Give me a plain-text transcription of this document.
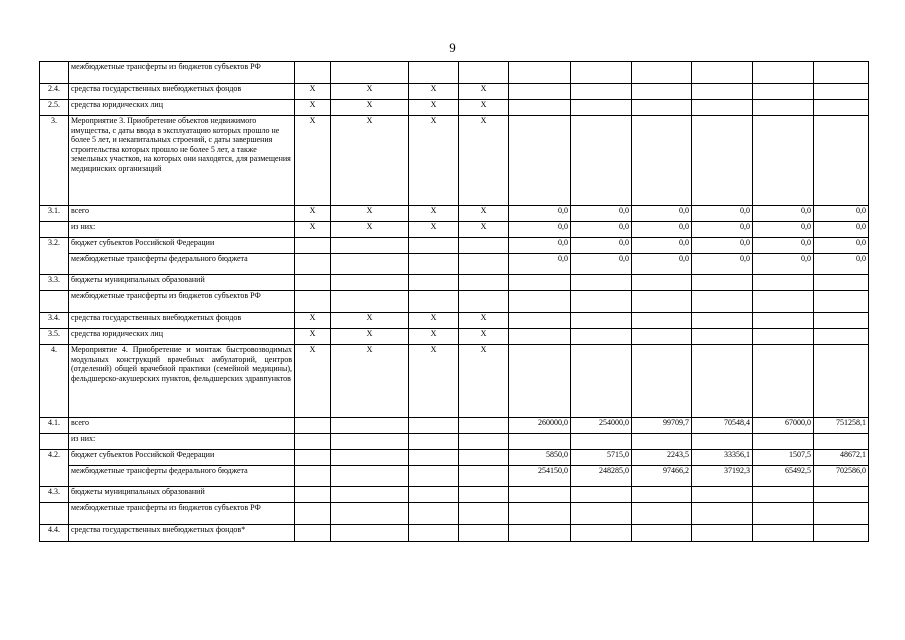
9
	межбюджетные трансферты из бюджетов субъектов РФ										
2.4.	средства государственных внебюджетных фондов	X	X	X	X						
2.5.	средства юридических лиц	X	X	X	X						
3.	Мероприятие 3. Приобретение объектов недвижимого имущества, с даты ввода в эксплуатацию которых прошло не более 5 лет, и некапитальных строений, с даты завершения строительства которых прошло не более 5 лет, а также земельных участков, на которых они находятся, для размещения медицинских организаций	X	X	X	X						
3.1.	всего	X	X	X	X	0,0	0,0	0,0	0,0	0,0	0,0
	из них:	X	X	X	X	0,0	0,0	0,0	0,0	0,0	0,0
3.2.	бюджет субъектов Российской Федерации					0,0	0,0	0,0	0,0	0,0	0,0
	межбюджетные трансферты федерального бюджета					0,0	0,0	0,0	0,0	0,0	0,0
3.3.	бюджеты муниципальных образований										
	межбюджетные трансферты из бюджетов субъектов РФ										
3.4.	средства государственных внебюджетных фондов	X	X	X	X						
3.5.	средства юридических лиц	X	X	X	X						
4.	Мероприятие 4. Приобретение и монтаж быстровозводимых модульных конструкций врачебных амбулаторий, центров (отделений) общей врачебной практики (семейной медицины), фельдшерско-акушерских пунктов, фельдшерских здравпунктов	X	X	X	X						
4.1.	всего					260000,0	254000,0	99709,7	70548,4	67000,0	751258,1
	из них:										
4.2.	бюджет субъектов Российской Федерации					5850,0	5715,0	2243,5	33356,1	1507,5	48672,1
	межбюджетные трансферты федерального бюджета					254150,0	248285,0	97466,2	37192,3	65492,5	702586,0
4.3.	бюджеты муниципальных образований										
	межбюджетные трансферты из бюджетов субъектов РФ										
4.4.	средства государственных внебюджетных фондов*										
